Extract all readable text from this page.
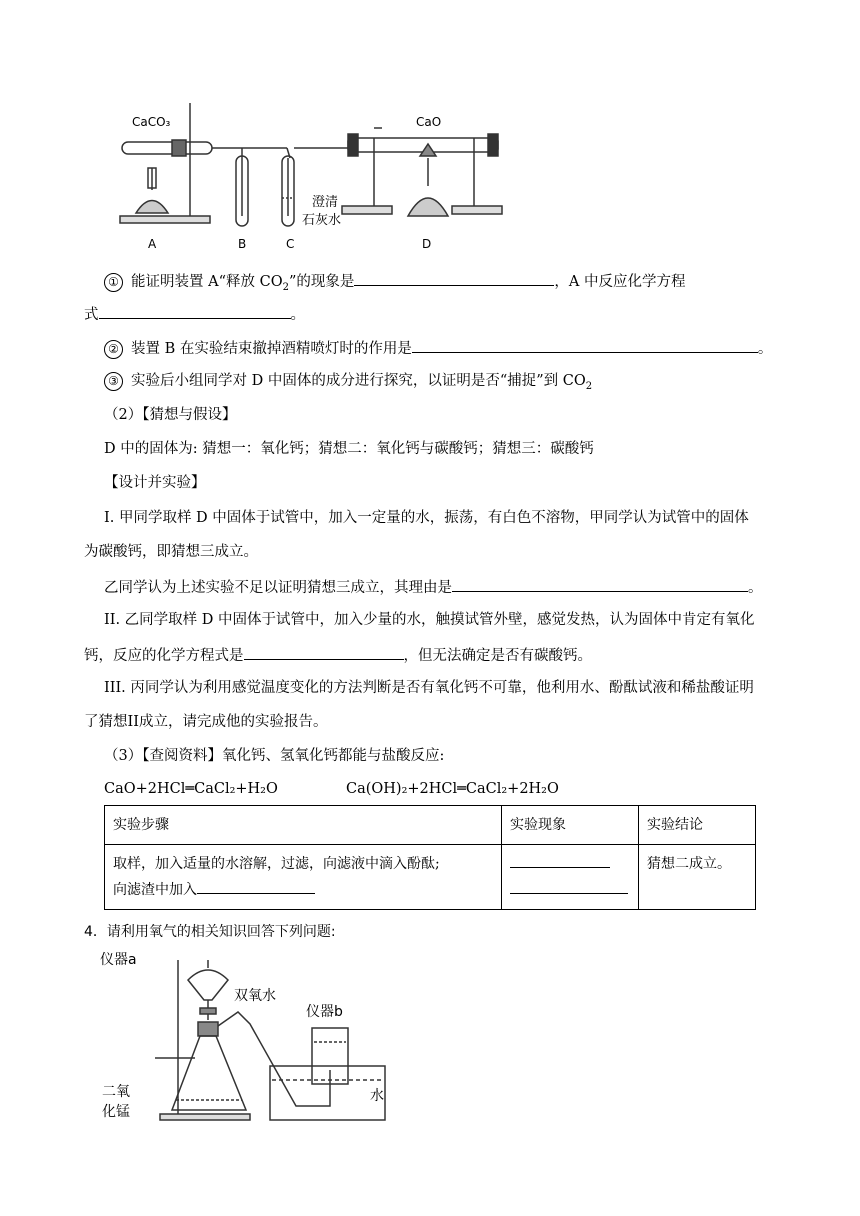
CaCO₃	CaO
澄清
石灰水
A	B	C	D
① 能证明装置 A“释放 $CO_2$”的现象是	，A 中反应化学方程
式	。
② 装置 B 在实验结束撤掉酒精喷灯时的作用是	。
③ 实验后小组同学对 D 中固体的成分进行探究，以证明是否“捕捉”到 $CO_2$
（2）【猜想与假设】
D 中的固体为: 猜想一：氧化钙；猜想二：氧化钙与碳酸钙；猜想三：碳酸钙
【设计并实验】
I. 甲同学取样 D 中固体于试管中，加入一定量的水，振荡，有白色不溶物，甲同学认为试管中的固体
为碳酸钙，即猜想三成立。
乙同学认为上述实验不足以证明猜想三成立，其理由是	。
II. 乙同学取样 D 中固体于试管中，加入少量的水，触摸试管外壁，感觉发热，认为固体中肯定有氧化
钙，反应的化学方程式是	，但无法确定是否有碳酸钙。
III. 丙同学认为利用感觉温度变化的方法判断是否有氧化钙不可靠，他利用水、酚酞试液和稀盐酸证明
了猜想II成立，请完成他的实验报告。
（3）【查阅资料】氧化钙、氢氧化钙都能与盐酸反应:
CaO+2HCl═CaCl₂+H₂O	Ca(OH)₂+2HCl═CaCl₂+2H₂O
实验步骤	实验现象	实验结论

取样，加入适量的水溶解，过滤，向滤液中滴入酚酞;
向滤渣中加入		猜想二成立。
4．请利用氧气的相关知识回答下列问题:
仪器a
双氧水
仪器b
二氧
化锰
水
